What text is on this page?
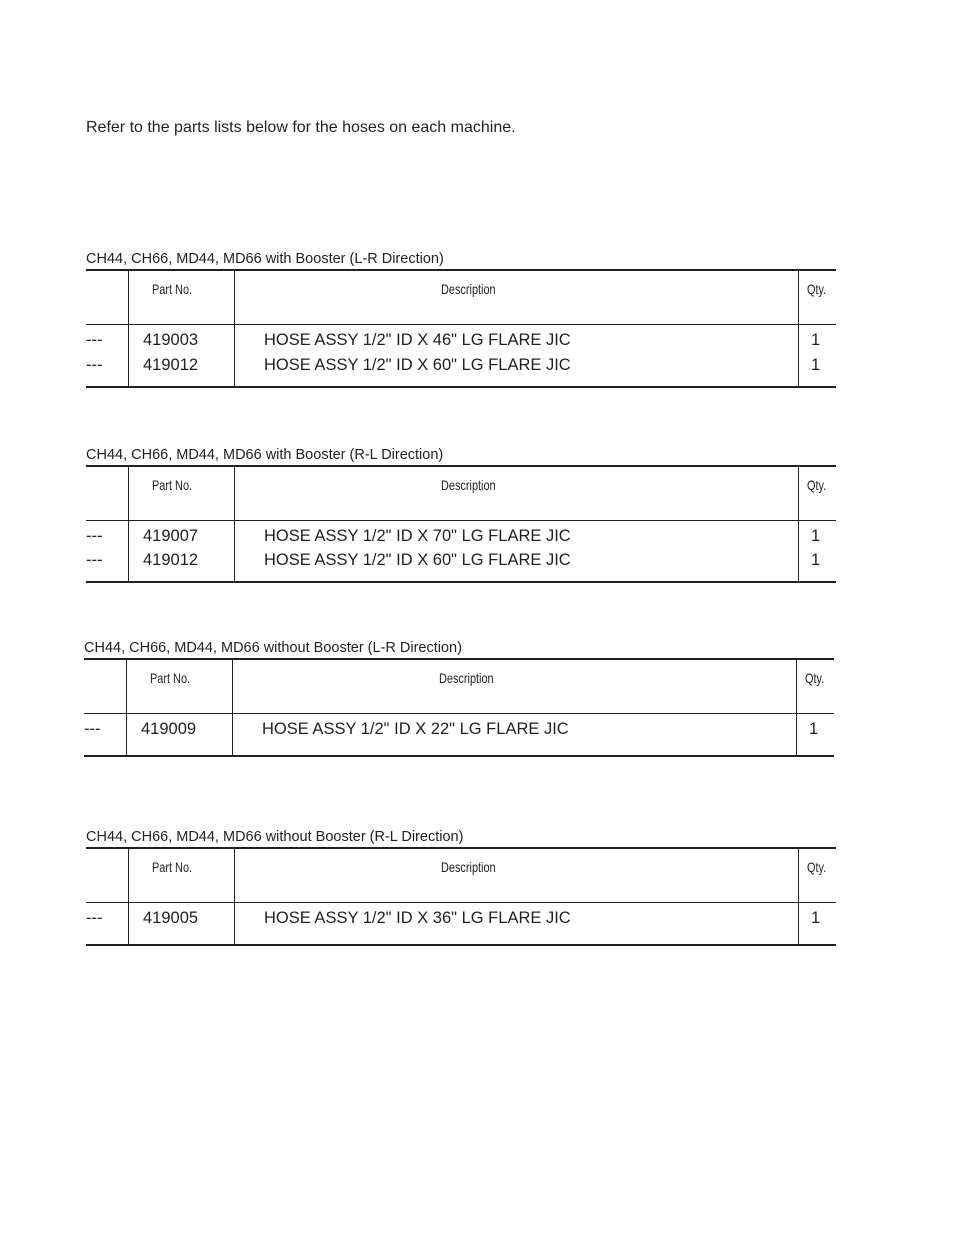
Refer to the parts lists below for the hoses on each machine.

CH44, CH66, MD44, MD66 with Booster (L-R Direction)
Part No.	Description	Qty.
--- 419003	HOSE ASSY 1/2" ID X 46" LG FLARE JIC	1
--- 419012	HOSE ASSY 1/2" ID X 60" LG FLARE JIC	1
CH44, CH66, MD44, MD66 with Booster (R-L Direction)
Part No.	Description	Qty.
--- 419007	HOSE ASSY 1/2" ID X 70" LG FLARE JIC	1
--- 419012	HOSE ASSY 1/2" ID X 60" LG FLARE JIC	1
CH44, CH66, MD44, MD66 without Booster (L-R Direction)
Part No.	Description	Qty.
--- 419009	HOSE ASSY 1/2" ID X 22" LG FLARE JIC	1
CH44, CH66, MD44, MD66 without Booster (R-L Direction)
Part No.	Description	Qty.
--- 419005	HOSE ASSY 1/2" ID X 36" LG FLARE JIC	1
